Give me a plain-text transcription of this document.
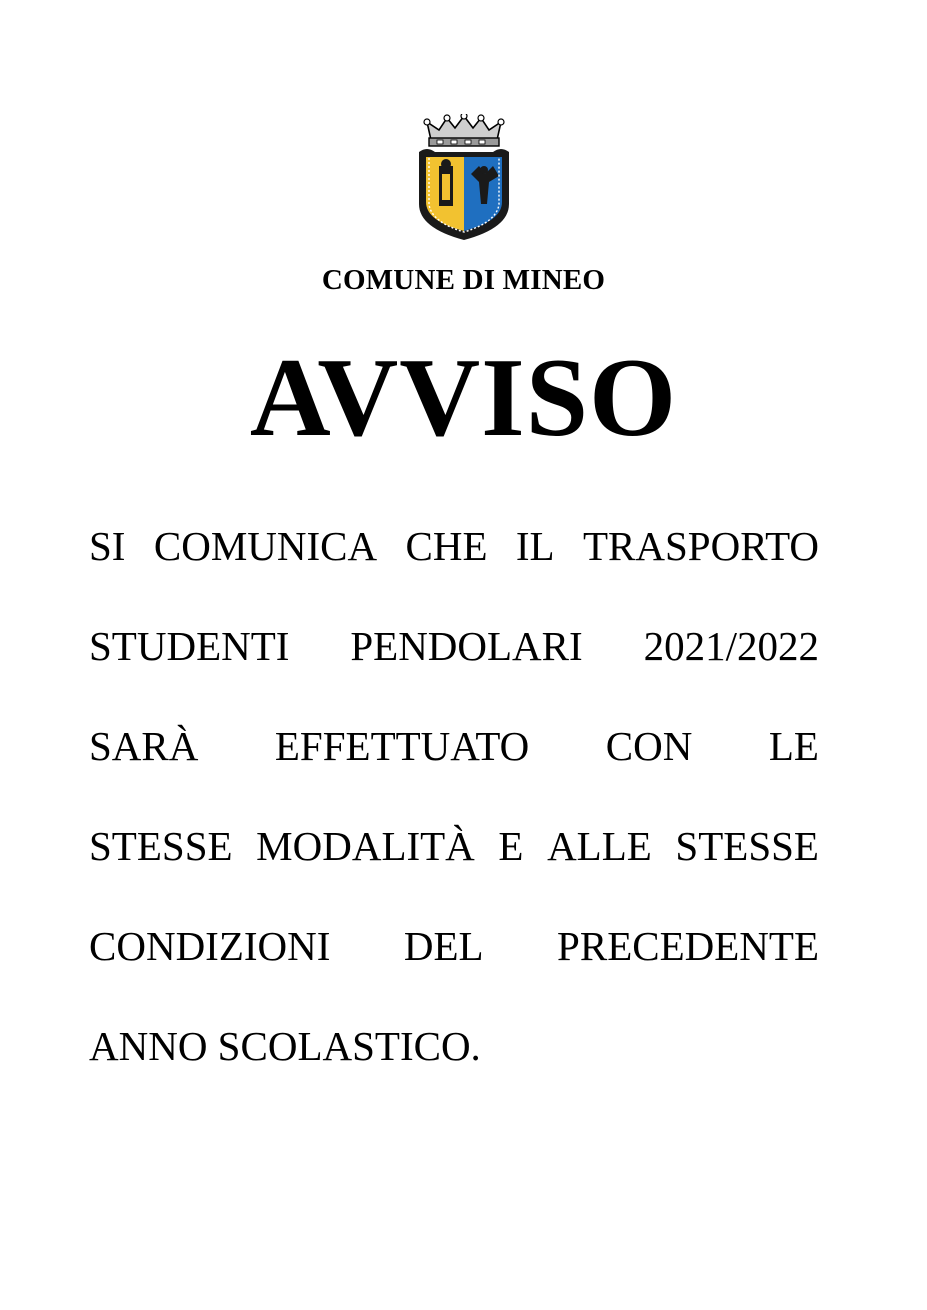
COMUNE DI MINEO
AVVISO
SI COMUNICA CHE IL TRASPORTO
STUDENTI PENDOLARI 2021/2022
SARÀ EFFETTUATO CON LE
STESSE MODALITÀ E ALLE STESSE
CONDIZIONI DEL PRECEDENTE
ANNO SCOLASTICO.
